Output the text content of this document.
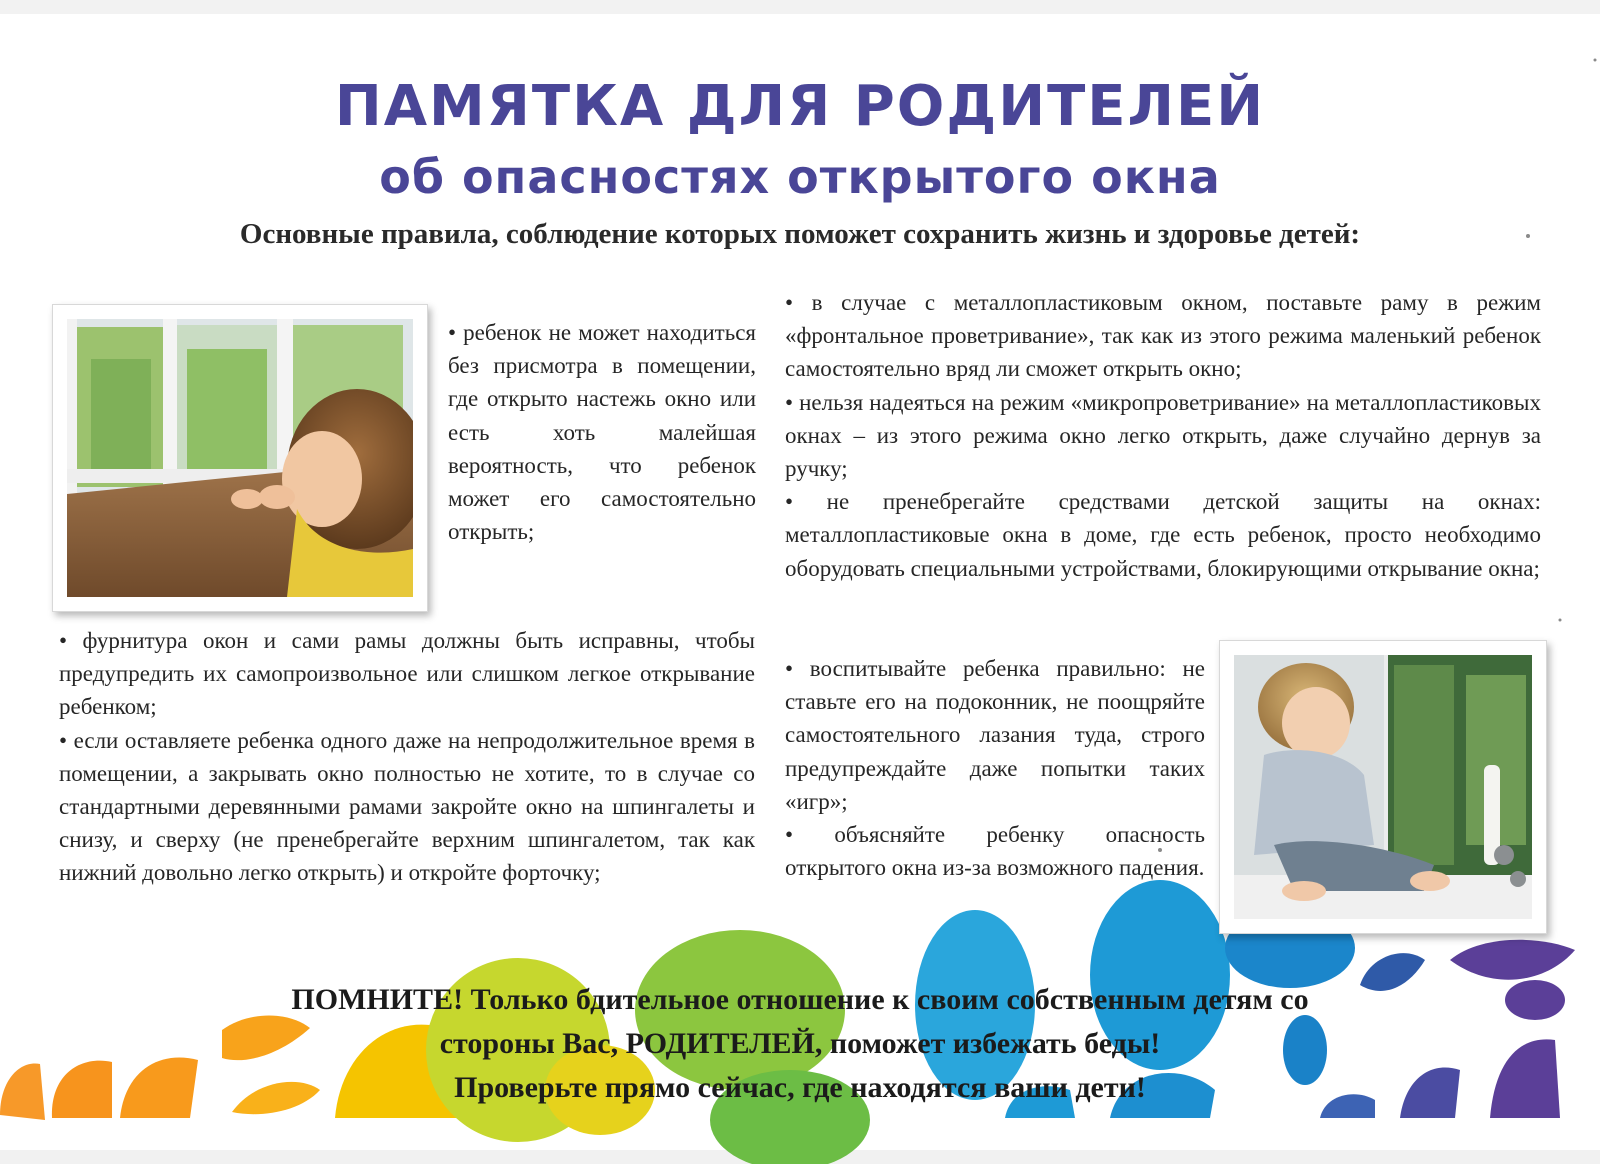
ПАМЯТКА ДЛЯ РОДИТЕЛЕЙ
об опасностях открытого окна

Основные правила, соблюдение которых поможет сохранить жизнь и здоровье детей:

• ребенок не может находиться без присмотра в помещении, где открыто настежь окно или есть хоть малейшая вероятность, что ребенок может его самостоятельно открыть;

• фурнитура окон и сами рамы должны быть исправны, чтобы предупредить их самопроизвольное или слишком легкое открывание ребенком;

• если оставляете ребенка одного даже на непродолжительное время в помещении, а закрывать окно полностью не хотите, то в случае со стандартными деревянными рамами закройте окно на шпингалеты и снизу, и сверху (не пренебрегайте верхним шпингалетом, так как нижний довольно легко открыть) и откройте форточку;

• в случае с металлопластиковым окном, поставьте раму в режим «фронтальное проветривание», так как из этого режима маленький ребенок самостоятельно вряд ли сможет открыть окно;

• нельзя надеяться на режим «микропроветривание» на металлопластиковых окнах – из этого режима окно легко открыть, даже случайно дернув за ручку;

• не пренебрегайте средствами детской защиты на окнах: металлопластиковые окна в доме, где есть ребенок, просто необходимо оборудовать специальными устройствами, блокирующими открывание окна;

• воспитывайте ребенка правильно: не ставьте его на подоконник, не поощряйте самостоятельного лазания туда, строго предупреждайте даже попытки таких «игр»;

• объясняйте ребенку опасность открытого окна из-за возможного падения.

ПОМНИТЕ! Только бдительное отношение к своим собственным детям со

стороны Вас, РОДИТЕЛЕЙ, поможет избежать беды!

Проверьте прямо сейчас, где находятся ваши дети!
